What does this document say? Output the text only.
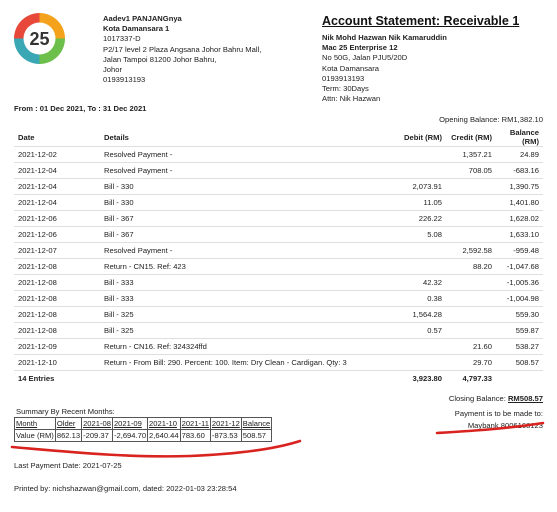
25
Aadev1 PANJANGnya
Kota Damansara 1
1017337-D
P2/17 level 2 Plaza Angsana Johor Bahru Mall,
Jalan Tampoi 81200 Johor Bahru,
Johor
0193913193
Account Statement: Receivable 1
Nik Mohd Hazwan Nik Kamaruddin
Mac 25 Enterprise 12
No 50G, Jalan PJU5/20D
Kota Damansara
0193913193
Term: 30Days
Attn: Nik Hazwan
From : 01 Dec 2021, To : 31 Dec 2021
Opening Balance: RM1,382.10
Date	Details	Debit (RM)	Credit (RM)	Balance (RM)
2021-12-02	Resolved Payment -		1,357.21	24.89
2021-12-04	Resolved Payment -		708.05	-683.16
2021-12-04	Bill - 330	2,073.91		1,390.75
2021-12-04	Bill - 330	11.05		1,401.80
2021-12-06	Bill - 367	226.22		1,628.02
2021-12-06	Bill - 367	5.08		1,633.10
2021-12-07	Resolved Payment -		2,592.58	-959.48
2021-12-08	Return - CN15. Ref: 423		88.20	-1,047.68
2021-12-08	Bill - 333	42.32		-1,005.36
2021-12-08	Bill - 333	0.38		-1,004.98
2021-12-08	Bill - 325	1,564.28		559.30
2021-12-08	Bill - 325	0.57		559.87
2021-12-09	Return - CN16. Ref: 324324ffd		21.60	538.27
2021-12-10	Return - From Bill: 290. Percent: 100. Item: Dry Clean - Cardigan. Qty: 3		29.70	508.57
14 Entries		3,923.80	4,797.33	
Closing Balance: RM508.57
Payment is to be made to:
Maybank 8006168123
Summary By Recent Months:
Month	Older	2021-08	2021-09	2021-10	2021-11	2021-12	Balance
Value (RM)	862.13	-209.37	-2,694.70	2,640.44	783.60	-873.53	508.57
Last Payment Date: 2021-07-25
Printed by: nichshazwan@gmail.com, dated: 2022-01-03 23:28:54
